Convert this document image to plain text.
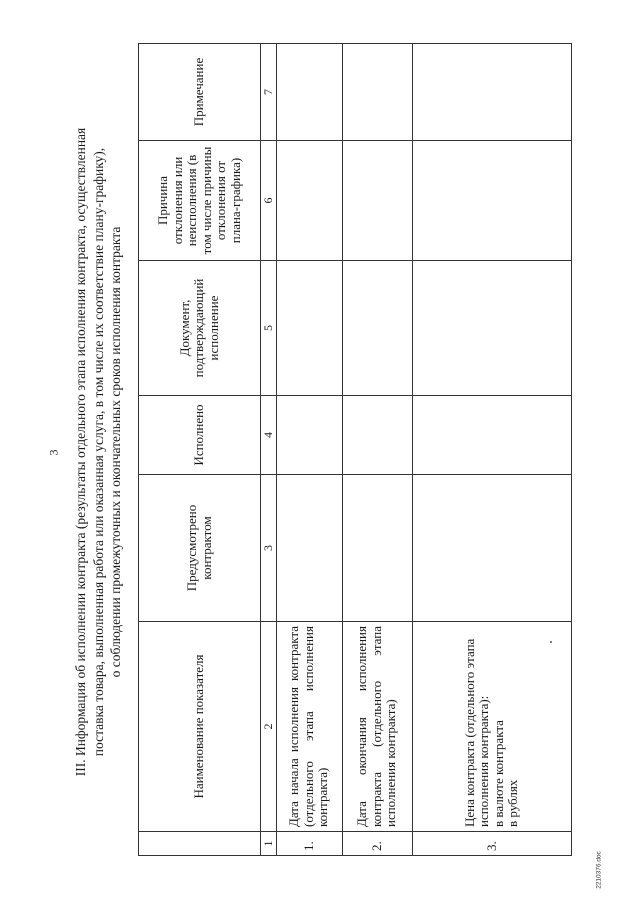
3 III. Информация об исполнении контракта (результаты отдельного этапа исполнения контракта, осуществленная поставка товара, выполненная работа или оказанная услуга, в том числе их соответствие плану-графику), о соблюдении промежуточных и окончательных сроков исполнения контракта
	Наименование показателя	Предусмотрено контрактом	Исполнено	Документ, подтверждающий исполнение	Причина отклонения или неисполнения (в том числе причины отклонения от плана-графика)	Примечание
1	2	3	4	5	6	7
1.	Дата начала исполнения контракта (отдельного этапа исполнения контракта)					
2.	Дата окончания исполнения контракта (отдельного этапа исполнения контракта)					
3.	Цена контракта (отдельного этапа исполнения контракта): в валюте контракта в рублях					

2210376.doc
